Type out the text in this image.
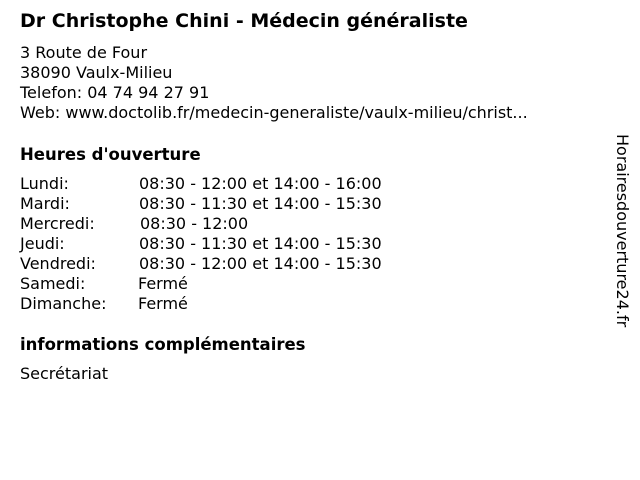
Dr Christophe Chini - Médecin généraliste
3 Route de Four
38090 Vaulx-Milieu
Telefon: 04 74 94 27 91
Web: www.doctolib.fr/medecin-generaliste/vaulx-milieu/christ...
Heures d'ouverture
Lundi:	08:30 - 12:00 et 14:00 - 16:00
Mardi:	08:30 - 11:30 et 14:00 - 15:30
Mercredi:	08:30 - 12:00
Jeudi:	08:30 - 11:30 et 14:00 - 15:30
Vendredi:	08:30 - 12:00 et 14:00 - 15:30
Samedi:	Fermé
Dimanche: Fermé
informations complémentaires
Secrétariat
Horairesdouverture24.fr
